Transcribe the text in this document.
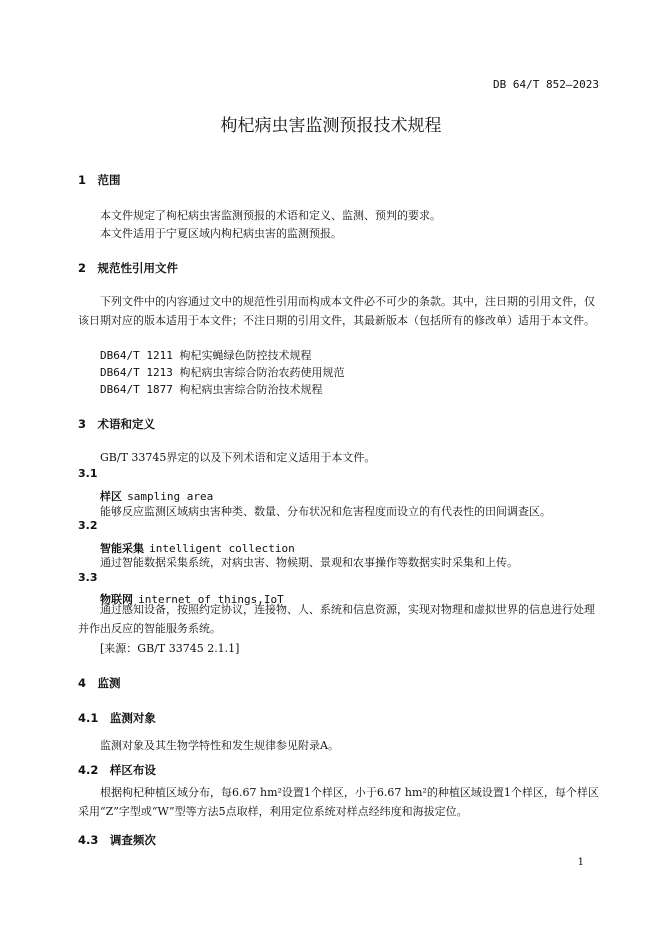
DB 64/T 852—2023
枸杞病虫害监测预报技术规程
1　范围
本文件规定了枸杞病虫害监测预报的术语和定义、监测、预判的要求。
本文件适用于宁夏区域内枸杞病虫害的监测预报。
2　规范性引用文件
下列文件中的内容通过文中的规范性引用而构成本文件必不可少的条款。其中，注日期的引用文件，仅该日期对应的版本适用于本文件；不注日期的引用文件，其最新版本（包括所有的修改单）适用于本文件。
DB64/T 1211 枸杞实蝇绿色防控技术规程
DB64/T 1213 枸杞病虫害综合防治农药使用规范
DB64/T 1877 枸杞病虫害综合防治技术规程
3　术语和定义
GB/T 33745界定的以及下列术语和定义适用于本文件。
3.1
样区 sampling area
能够反应监测区域病虫害种类、数量、分布状况和危害程度而设立的有代表性的田间调查区。
3.2
智能采集 intelligent collection
通过智能数据采集系统，对病虫害、物候期、景观和农事操作等数据实时采集和上传。
3.3
物联网 internet of things,IoT
通过感知设备，按照约定协议，连接物、人、系统和信息资源，实现对物理和虚拟世界的信息进行处理并作出反应的智能服务系统。
[来源：GB/T 33745 2.1.1]
4　监测
4.1　监测对象
监测对象及其生物学特性和发生规律参见附录A。
4.2　样区布设
根据枸杞种植区域分布，每6.67 hm²设置1个样区，小于6.67 hm²的种植区域设置1个样区，每个样区采用“Z”字型或“W”型等方法5点取样，利用定位系统对样点经纬度和海拔定位。
4.3　调查频次
1
